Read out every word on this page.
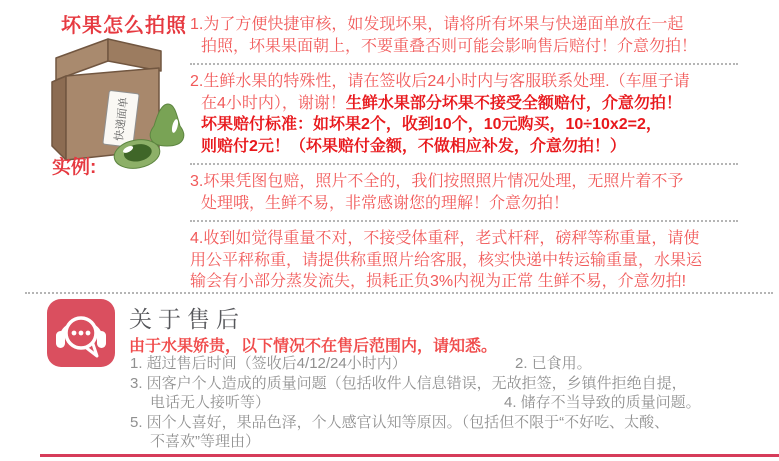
坏果怎么拍照
快递面单
实例:
1.为了方便快捷审核，如发现坏果，请将所有坏果与快递面单放在一起
拍照，坏果果面朝上，不要重叠否则可能会影响售后赔付！介意勿拍！
2.生鲜水果的特殊性，请在签收后24小时内与客服联系处理.（车厘子请
在4小时内），谢谢！生鲜水果部分坏果不接受全额赔付，介意勿拍！
坏果赔付标准：如坏果2个，收到10个，10元购买，10÷10x2=2，
则赔付2元！（坏果赔付金额，不做相应补发，介意勿拍！）
3.坏果凭图包赔，照片不全的，我们按照照片情况处理，无照片着不予
处理哦，生鲜不易，非常感谢您的理解！介意勿拍！
4.收到如觉得重量不对，不接受体重秤，老式杆秤，磅秤等称重量，请使
用公平秤称重，请提供称重照片给客服，核实快递中转运输重量，水果运
输会有小部分蒸发流失，损耗正负3%内视为正常 生鲜不易，介意勿拍!
关于售后
由于水果娇贵，以下情况不在售后范围内，请知悉。
1. 超过售后时间（签收后4/12/24小时内）	2. 已食用。
3. 因客户个人造成的质量问题（包括收件人信息错误，无故拒签，乡镇件拒绝自提，
电话无人接听等）	4. 储存不当导致的质量问题。
5. 因个人喜好，果品色泽，个人感官认知等原因。（包括但不限于“不好吃、太酸、
不喜欢”等理由）
